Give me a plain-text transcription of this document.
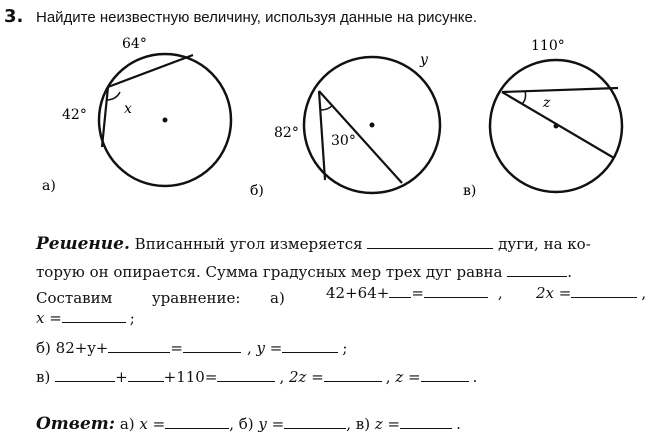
3. Найдите неизвестную величину, используя данные на рисунке.
64°
42°	x
а)
y
82° 30°
б)
110°
z
в)
Решение. Вписанный угол измеряется	дуги, на ко-
торую он опирается. Сумма градусных мер трех дуг равна	.
Составим	уравнение: а)	42+64+ =	, 2x =	,
x =	;
б) 82+y+	=	, y =	;
в)	+ +110=	, 2z =	, z =	.
Ответ: а) x =	, б) y =	, в) z =	.
